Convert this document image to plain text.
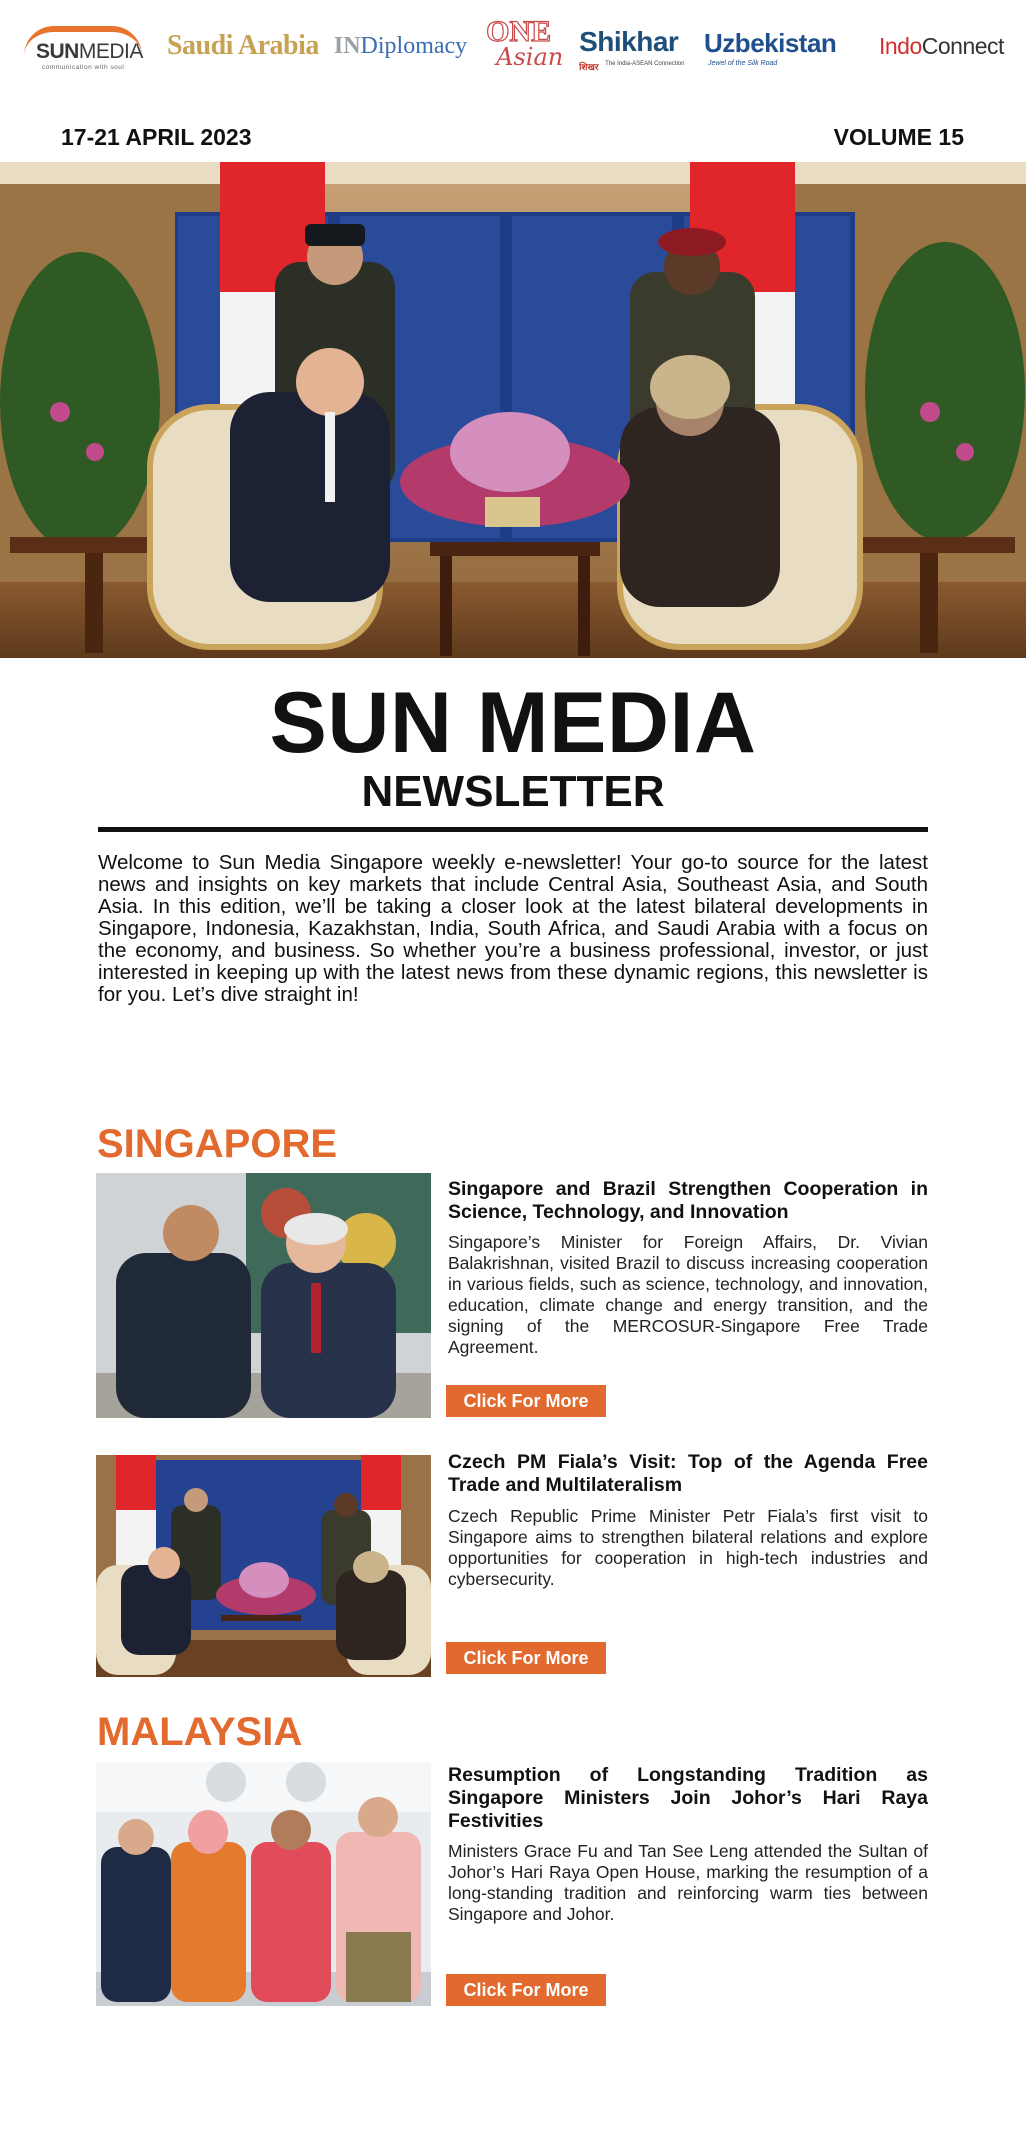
SUNMEDIA
communication with soul
Saudi Arabia IN Diplomacy ONE
Asian Shikhar
शिखर The India-ASEAN Connection
Uzbekistan
Jewel of the Silk Road
Indo Connect
17-21 APRIL 2023	VOLUME 15
SUN MEDIA
NEWSLETTER

Welcome to Sun Media Singapore weekly e-newsletter! Your go-to source for the latest news and insights on key markets that include Central Asia, Southeast Asia, and South Asia. In this edition, we’ll be taking a closer look at the latest bilateral developments in Singapore, Indonesia, Kazakhstan, India, South Africa, and Saudi Arabia with a focus on the economy, and business. So whether you’re a business professional, investor, or just interested in keeping up with the latest news from these dynamic regions, this newsletter is for you. Let’s dive straight in!

SINGAPORE
Singapore and Brazil Strengthen Cooperation in Science, Technology, and Innovation
Singapore’s Minister for Foreign Affairs, Dr. Vivian Balakrishnan, visited Brazil to discuss increasing cooperation in various fields, such as science, technology, and innovation, education, climate change and energy transition, and the signing of the MERCOSUR-Singapore Free Trade Agreement.
Click For More
Czech PM Fiala’s Visit: Top of the Agenda Free Trade and Multilateralism
Czech Republic Prime Minister Petr Fiala’s first visit to Singapore aims to strengthen bilateral relations and explore opportunities for cooperation in high-tech industries and cybersecurity.
Click For More
MALAYSIA
Resumption of Longstanding Tradition as Singapore Ministers Join Johor’s Hari Raya Festivities
Ministers Grace Fu and Tan See Leng attended the Sultan of Johor’s Hari Raya Open House, marking the resumption of a long-standing tradition and reinforcing warm ties between Singapore and Johor.
Click For More
